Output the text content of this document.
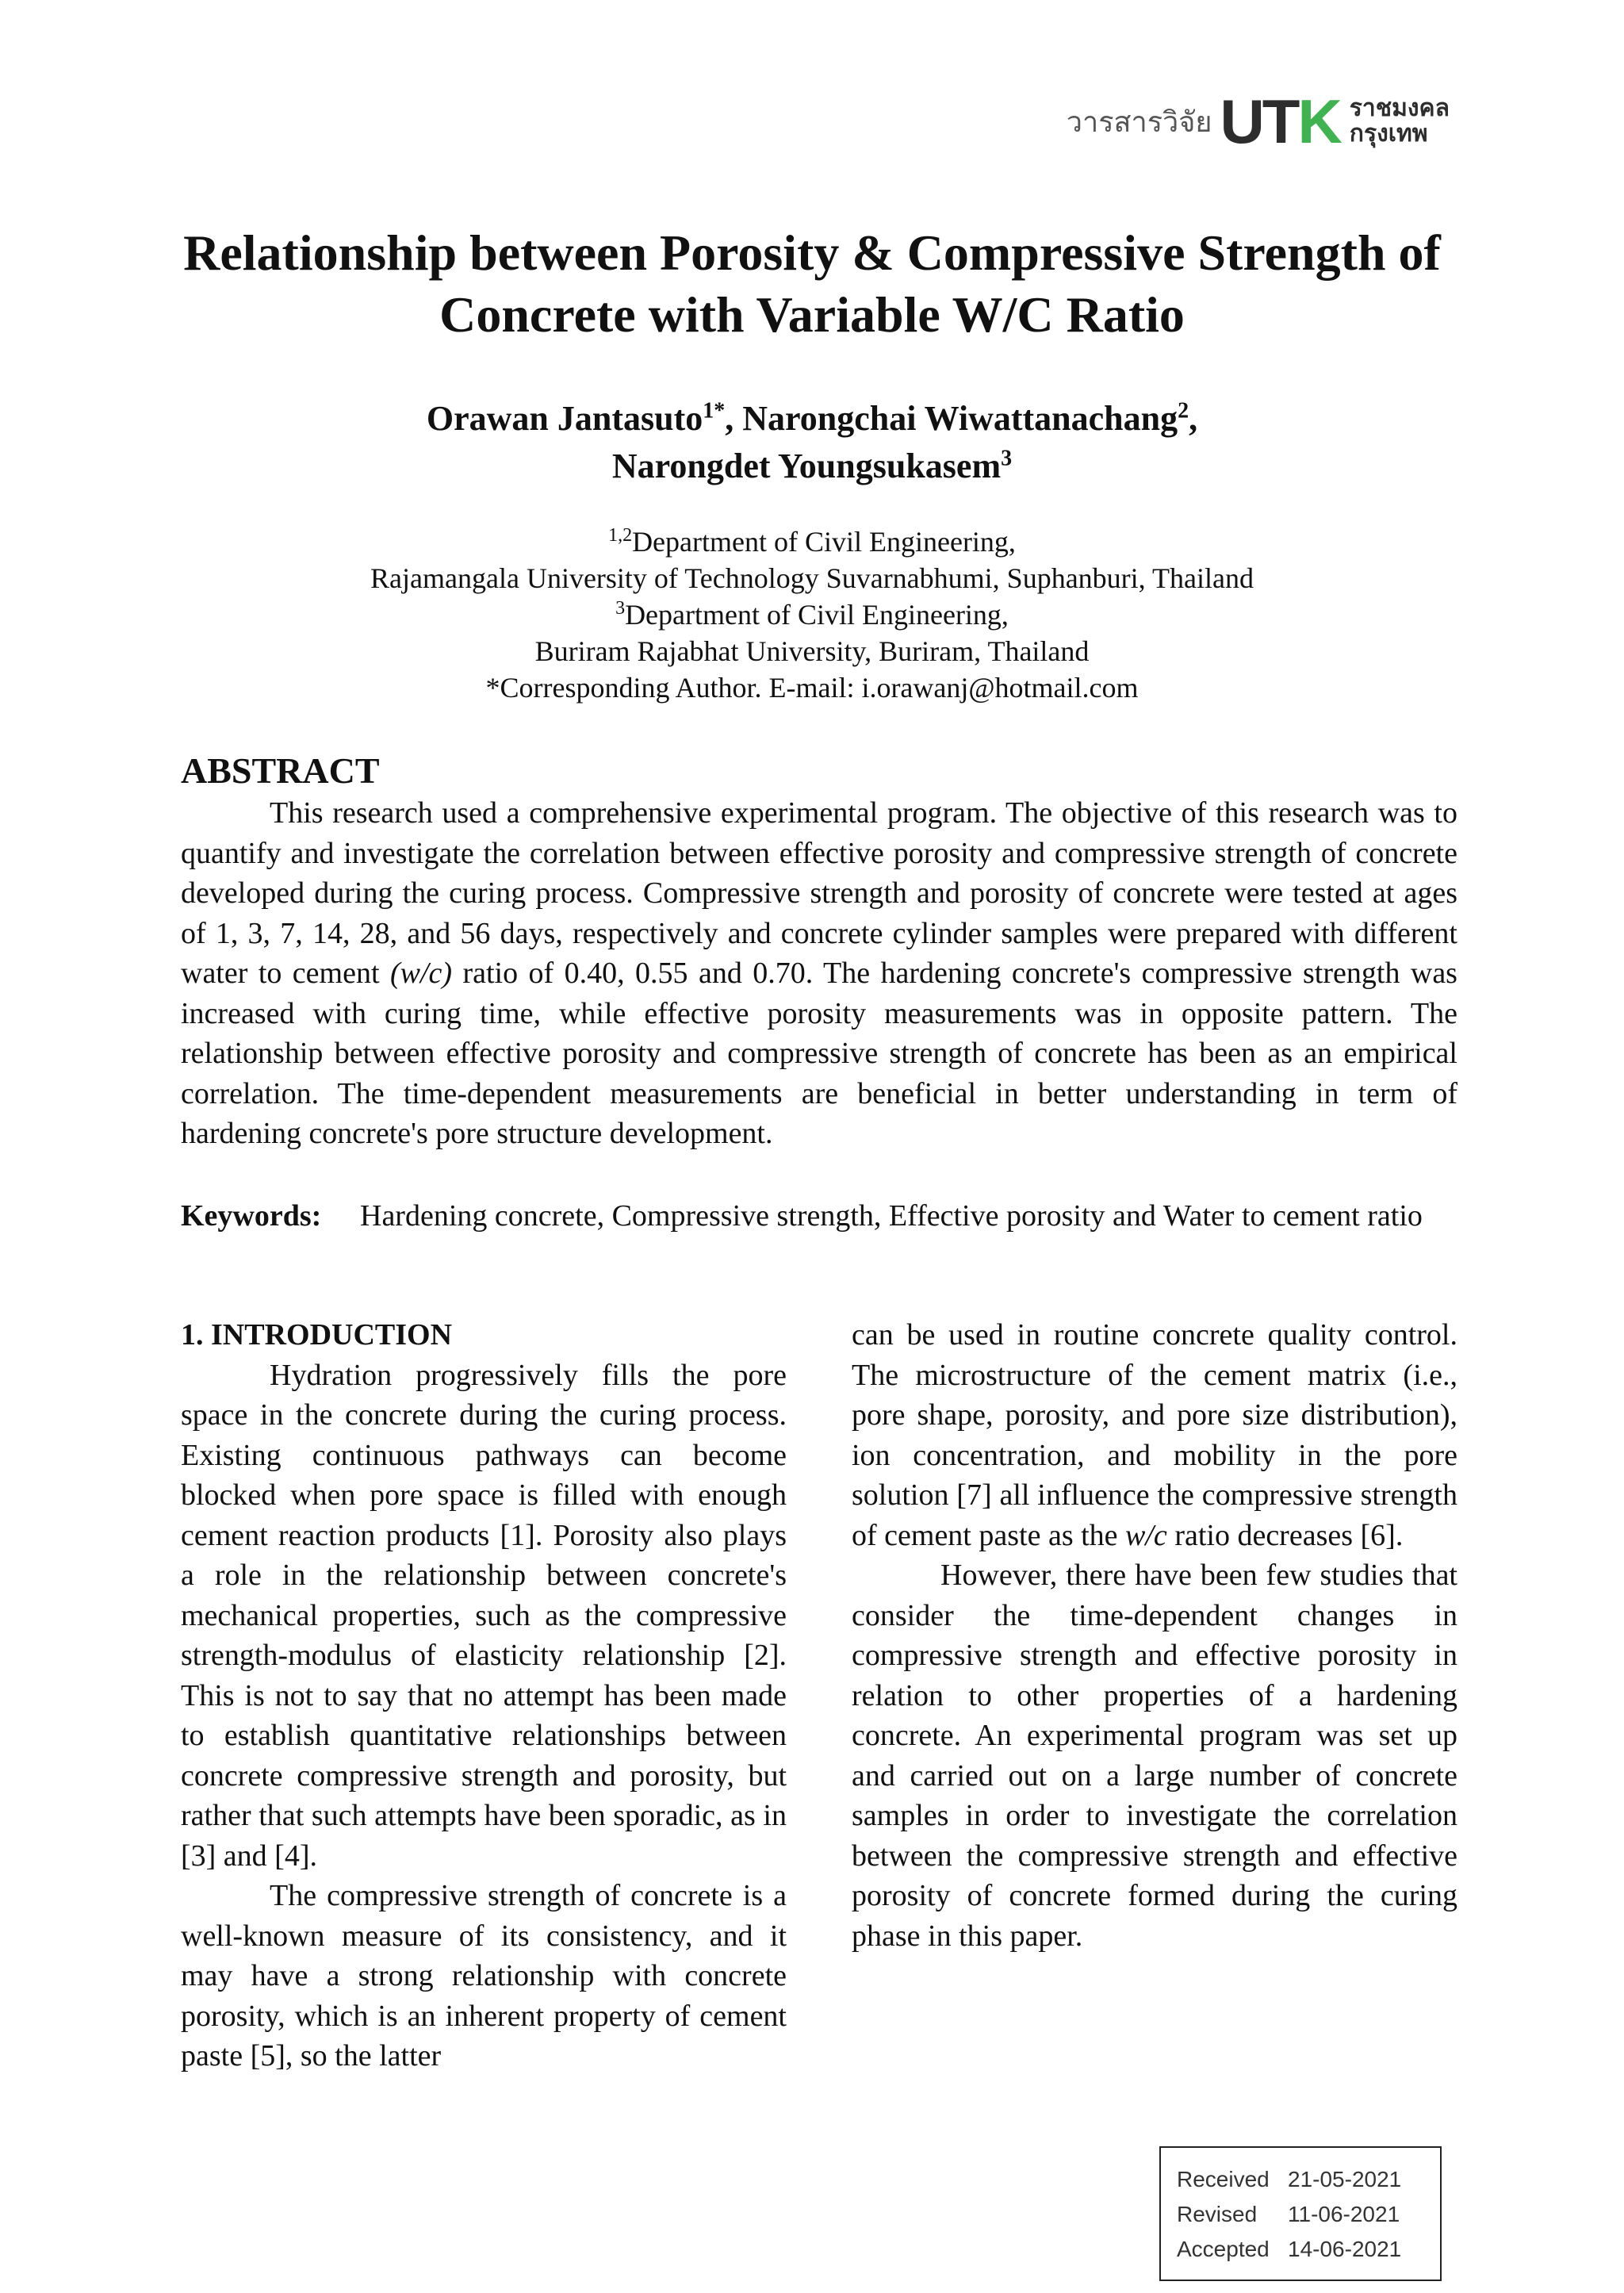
วารสารวิจัย UTK ราชมงคล
กรุงเทพ
Relationship between Porosity & Compressive Strength of
Concrete with Variable W/C Ratio
Orawan Jantasuto$^{1*}$, Narongchai Wiwattanachang$^2$,
Narongdet Youngsukasem$^3$
$^{1,2}$Department of Civil Engineering,
Rajamangala University of Technology Suvarnabhumi, Suphanburi, Thailand
$^3$Department of Civil Engineering,
Buriram Rajabhat University, Buriram, Thailand
*Corresponding Author. E-mail: i.orawanj@hotmail.com
ABSTRACT

This research used a comprehensive experimental program. The objective of this research was to quantify and investigate the correlation between effective porosity and compressive strength of concrete developed during the curing process. Compressive strength and porosity of concrete were tested at ages of 1, 3, 7, 14, 28, and 56 days, respectively and concrete cylinder samples were prepared with different water to cement (w/c) ratio of 0.40, 0.55 and 0.70. The hardening concrete's compressive strength was increased with curing time, while effective porosity measurements was in opposite pattern. The relationship between effective porosity and compressive strength of concrete has been as an empirical correlation. The time-dependent measurements are beneficial in better understanding in term of hardening concrete's pore structure development.

Keywords:	Hardening concrete, Compressive strength, Effective porosity and Water to cement ratio
1. INTRODUCTION

Hydration progressively fills the pore space in the concrete during the curing process. Existing continuous pathways can become blocked when pore space is filled with enough cement reaction products [1]. Porosity also plays a role in the relationship between concrete's mechanical properties, such as the compressive strength-modulus of elasticity relationship [2]. This is not to say that no attempt has been made to establish quantitative relationships between concrete compressive strength and porosity, but rather that such attempts have been sporadic, as in [3] and [4].

The compressive strength of concrete is a well-known measure of its consistency, and it may have a strong relationship with concrete porosity, which is an inherent property of cement paste [5], so the latter

can be used in routine concrete quality control. The microstructure of the cement matrix (i.e., pore shape, porosity, and pore size distribution), ion concentration, and mobility in the pore solution [7] all influence the compressive strength of cement paste as the w/c ratio decreases [6].

However, there have been few studies that consider the time-dependent changes in compressive strength and effective porosity in relation to other properties of a hardening concrete. An experimental program was set up and carried out on a large number of concrete samples in order to investigate the correlation between the compressive strength and effective porosity of concrete formed during the curing phase in this paper.

Received 21-05-2021
Revised	11-06-2021
Accepted 14-06-2021
